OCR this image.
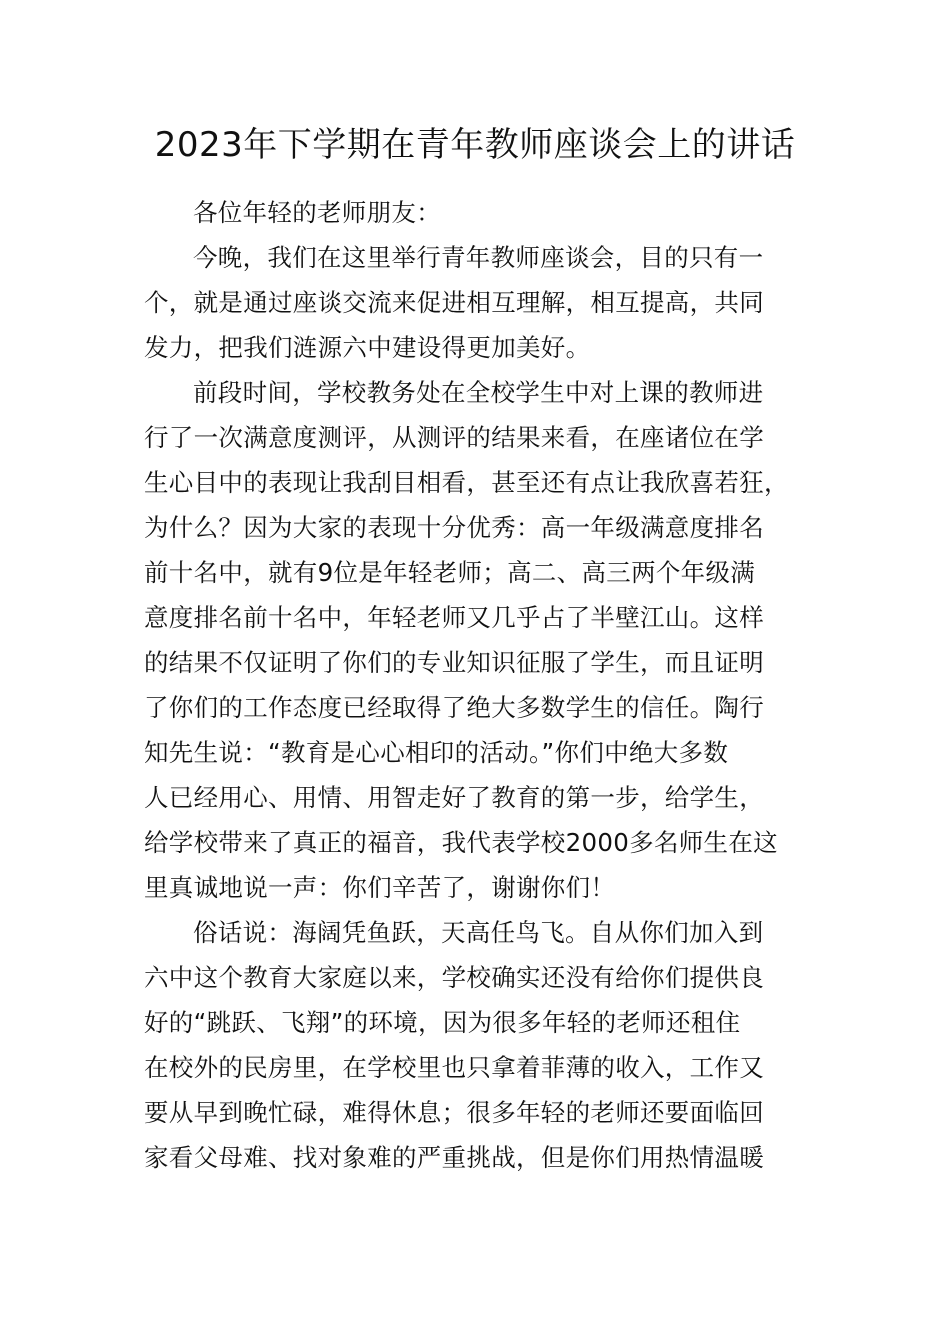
2023年下学期在青年教师座谈会上的讲话
各位年轻的老师朋友：
今晚，我们在这里举行青年教师座谈会，目的只有一
个，就是通过座谈交流来促进相互理解，相互提高，共同
发力，把我们涟源六中建设得更加美好。
前段时间，学校教务处在全校学生中对上课的教师进
行了一次满意度测评，从测评的结果来看，在座诸位在学
生心目中的表现让我刮目相看，甚至还有点让我欣喜若狂，
为什么？因为大家的表现十分优秀：高一年级满意度排名
前十名中，就有9位是年轻老师；高二、高三两个年级满
意度排名前十名中，年轻老师又几乎占了半壁江山。这样
的结果不仅证明了你们的专业知识征服了学生，而且证明
了你们的工作态度已经取得了绝大多数学生的信任。陶行
知先生说：“教育是心心相印的活动。”你们中绝大多数
人已经用心、用情、用智走好了教育的第一步，给学生，
给学校带来了真正的福音，我代表学校2000多名师生在这
里真诚地说一声：你们辛苦了，谢谢你们！
俗话说：海阔凭鱼跃，天高任鸟飞。自从你们加入到
六中这个教育大家庭以来，学校确实还没有给你们提供良
好的“跳跃、飞翔”的环境，因为很多年轻的老师还租住
在校外的民房里，在学校里也只拿着菲薄的收入，工作又
要从早到晚忙碌，难得休息；很多年轻的老师还要面临回
家看父母难、找对象难的严重挑战，但是你们用热情温暖
